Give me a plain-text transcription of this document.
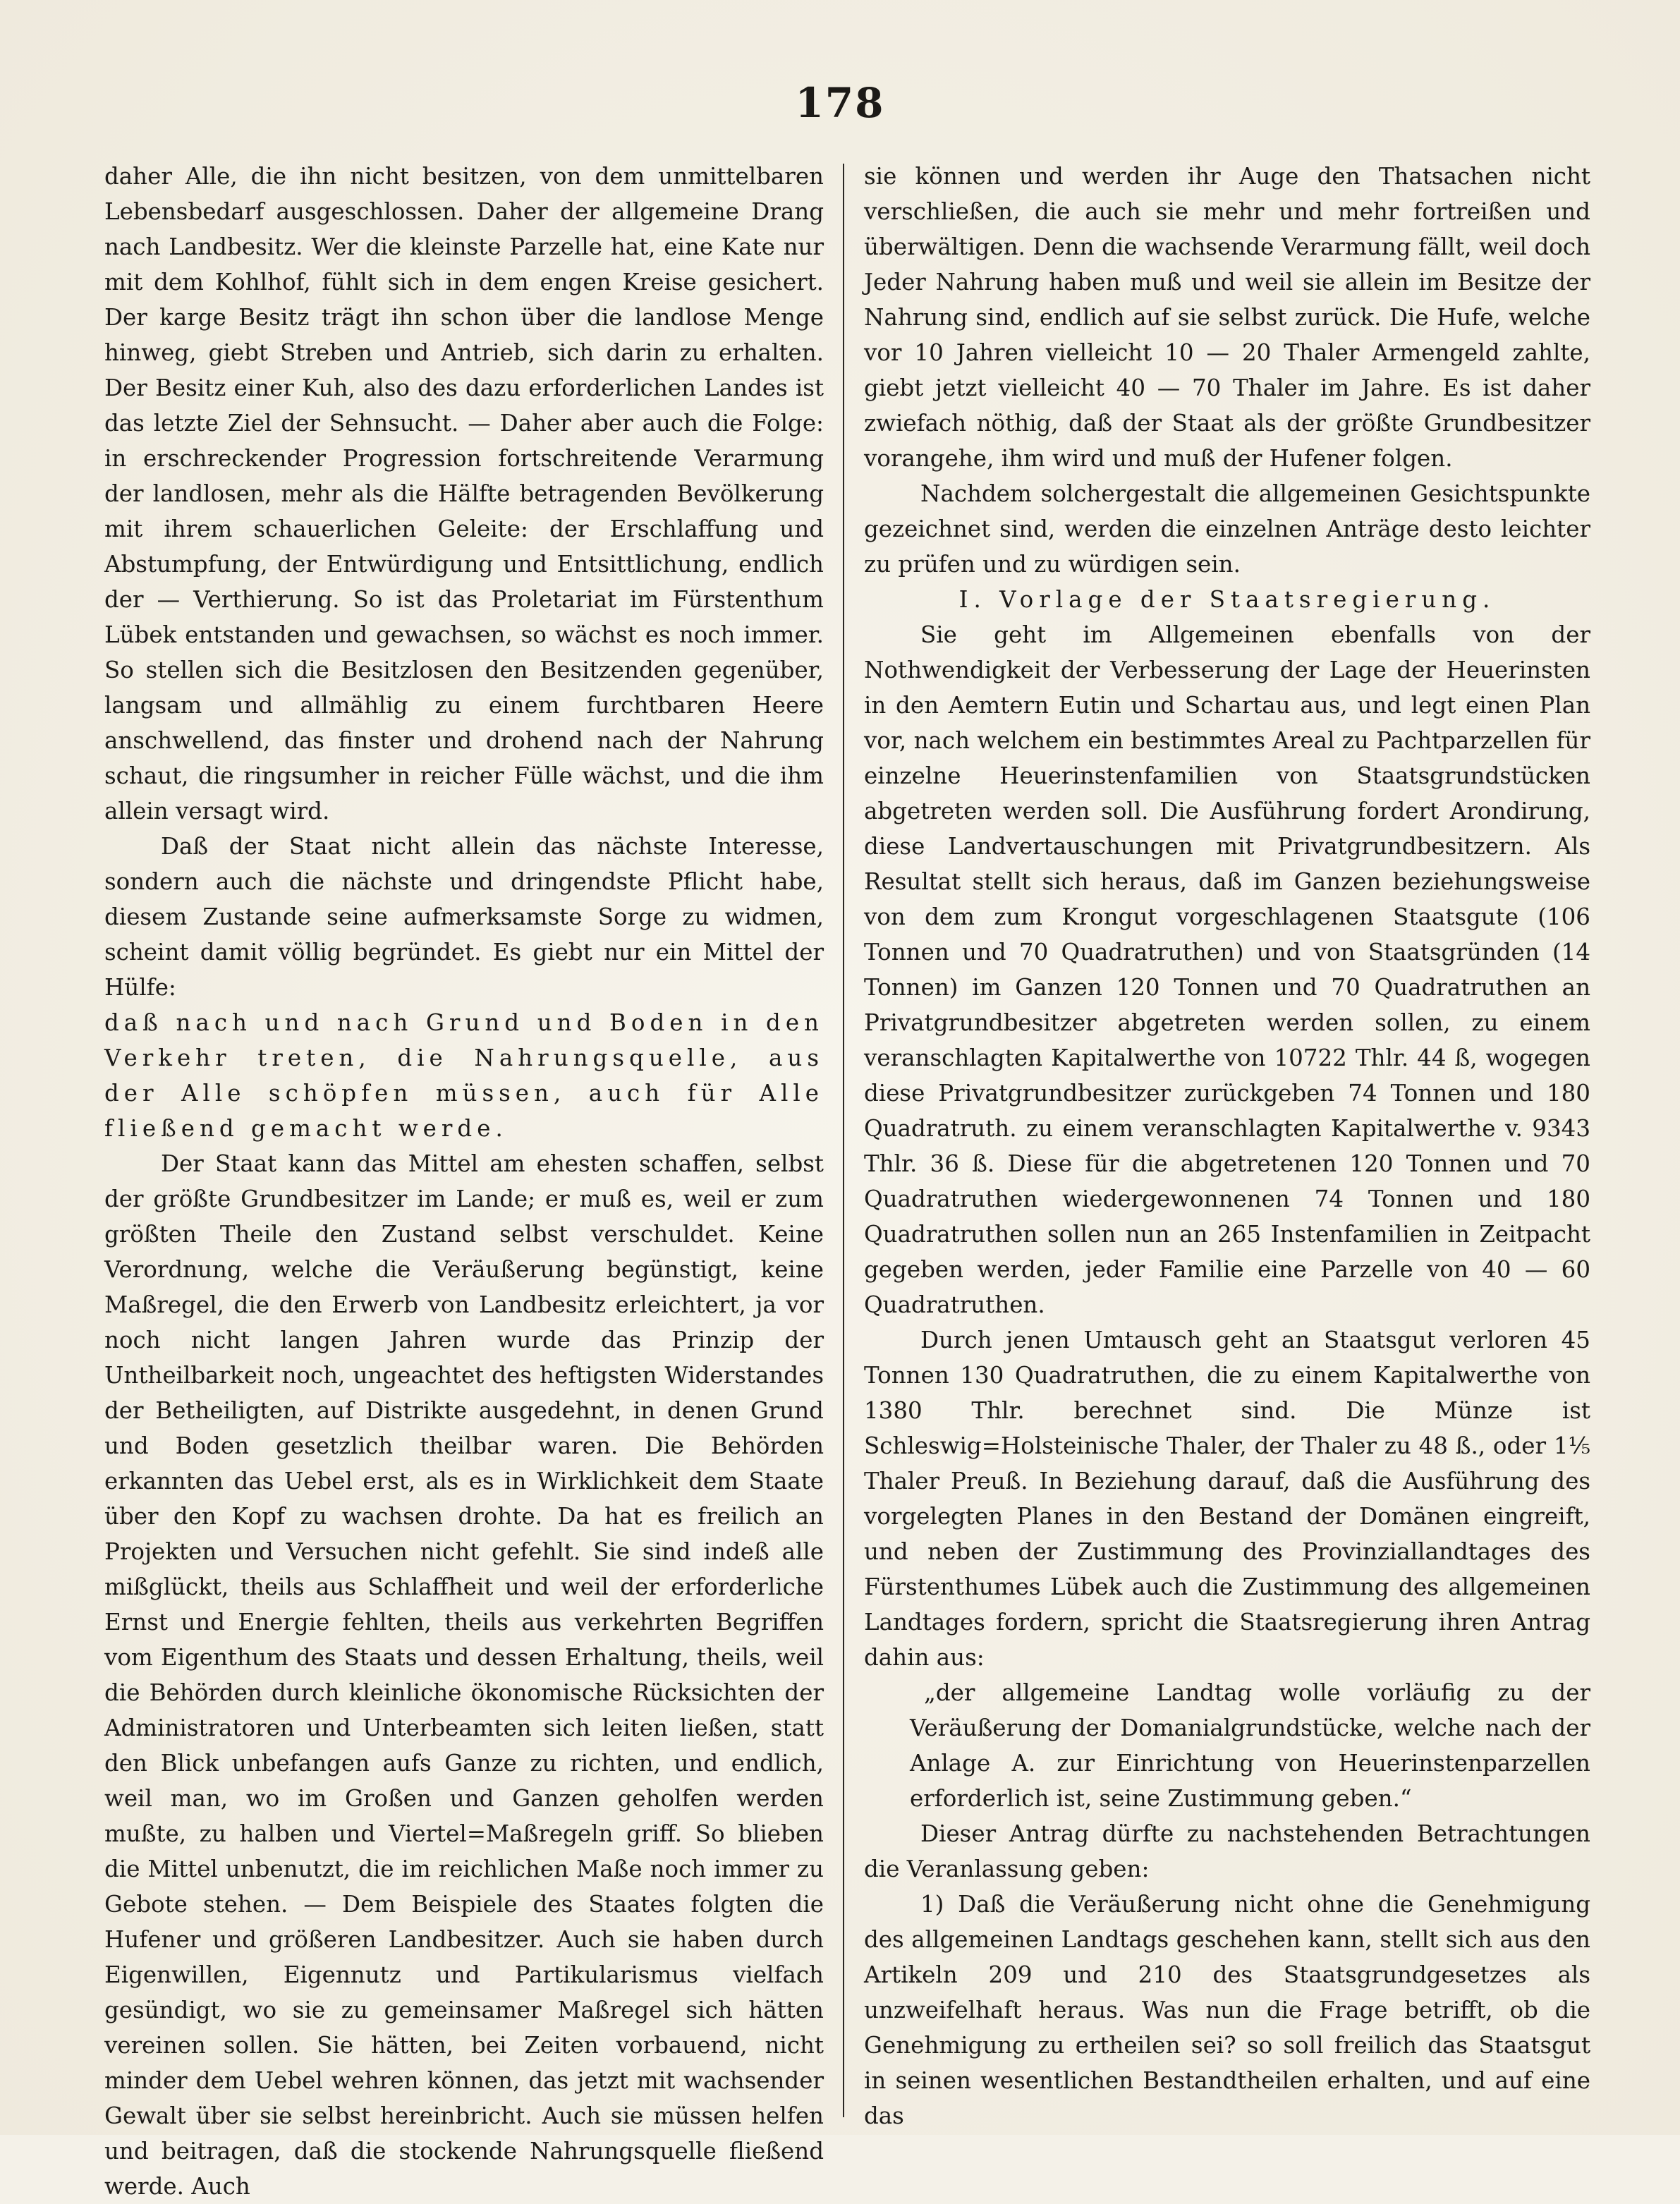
178

daher Alle, die ihn nicht besitzen, von dem unmittelbaren Lebensbedarf ausgeschlossen. Daher der allgemeine Drang nach Landbesitz. Wer die kleinste Parzelle hat, eine Kate nur mit dem Kohlhof, fühlt sich in dem engen Kreise gesichert. Der karge Besitz trägt ihn schon über die landlose Menge hinweg, giebt Streben und Antrieb, sich darin zu erhalten. Der Besitz einer Kuh, also des dazu erforderlichen Landes ist das letzte Ziel der Sehnsucht. — Daher aber auch die Folge: in erschreckender Progression fortschreitende Verarmung der landlosen, mehr als die Hälfte betragenden Bevölkerung mit ihrem schauerlichen Geleite: der Erschlaffung und Abstumpfung, der Entwürdigung und Entsittlichung, endlich der — Verthierung. So ist das Proletariat im Fürstenthum Lübek entstanden und gewachsen, so wächst es noch immer. So stellen sich die Besitzlosen den Besitzenden gegenüber, langsam und allmählig zu einem furchtbaren Heere anschwellend, das finster und drohend nach der Nahrung schaut, die ringsumher in reicher Fülle wächst, und die ihm allein versagt wird.

Daß der Staat nicht allein das nächste Interesse, sondern auch die nächste und dringendste Pflicht habe, diesem Zustande seine aufmerksamste Sorge zu widmen, scheint damit völlig begründet. Es giebt nur ein Mittel der Hülfe:

daß nach und nach Grund und Boden in den Verkehr treten, die Nahrungsquelle, aus der Alle schöpfen müssen, auch für Alle fließend gemacht werde.

Der Staat kann das Mittel am ehesten schaffen, selbst der größte Grundbesitzer im Lande; er muß es, weil er zum größten Theile den Zustand selbst verschuldet. Keine Verordnung, welche die Veräußerung begünstigt, keine Maßregel, die den Erwerb von Landbesitz erleichtert, ja vor noch nicht langen Jahren wurde das Prinzip der Untheilbarkeit noch, ungeachtet des heftigsten Widerstandes der Betheiligten, auf Distrikte ausgedehnt, in denen Grund und Boden gesetzlich theilbar waren. Die Behörden erkannten das Uebel erst, als es in Wirklichkeit dem Staate über den Kopf zu wachsen drohte. Da hat es freilich an Projekten und Versuchen nicht gefehlt. Sie sind indeß alle mißglückt, theils aus Schlaffheit und weil der erforderliche Ernst und Energie fehlten, theils aus verkehrten Begriffen vom Eigenthum des Staats und dessen Erhaltung, theils, weil die Behörden durch kleinliche ökonomische Rücksichten der Administratoren und Unterbeamten sich leiten ließen, statt den Blick unbefangen aufs Ganze zu richten, und endlich, weil man, wo im Großen und Ganzen geholfen werden mußte, zu halben und Viertel=Maßregeln griff. So blieben die Mittel unbenutzt, die im reichlichen Maße noch immer zu Gebote stehen. — Dem Beispiele des Staates folgten die Hufener und größeren Landbesitzer. Auch sie haben durch Eigenwillen, Eigennutz und Partikularismus vielfach gesündigt, wo sie zu gemeinsamer Maßregel sich hätten vereinen sollen. Sie hätten, bei Zeiten vorbauend, nicht minder dem Uebel wehren können, das jetzt mit wachsender Gewalt über sie selbst hereinbricht. Auch sie müssen helfen und beitragen, daß die stockende Nahrungsquelle fließend werde. Auch

sie können und werden ihr Auge den Thatsachen nicht verschließen, die auch sie mehr und mehr fortreißen und überwältigen. Denn die wachsende Verarmung fällt, weil doch Jeder Nahrung haben muß und weil sie allein im Besitze der Nahrung sind, endlich auf sie selbst zurück. Die Hufe, welche vor 10 Jahren vielleicht 10 — 20 Thaler Armengeld zahlte, giebt jetzt vielleicht 40 — 70 Thaler im Jahre. Es ist daher zwiefach nöthig, daß der Staat als der größte Grundbesitzer vorangehe, ihm wird und muß der Hufener folgen.

Nachdem solchergestalt die allgemeinen Gesichtspunkte gezeichnet sind, werden die einzelnen Anträge desto leichter zu prüfen und zu würdigen sein.

I. Vorlage der Staatsregierung.

Sie geht im Allgemeinen ebenfalls von der Nothwendigkeit der Verbesserung der Lage der Heuerinsten in den Aemtern Eutin und Schartau aus, und legt einen Plan vor, nach welchem ein bestimmtes Areal zu Pachtparzellen für einzelne Heuerinstenfamilien von Staatsgrundstücken abgetreten werden soll. Die Ausführung fordert Arondirung, diese Landvertauschungen mit Privatgrundbesitzern. Als Resultat stellt sich heraus, daß im Ganzen beziehungsweise von dem zum Krongut vorgeschlagenen Staatsgute (106 Tonnen und 70 Quadratruthen) und von Staatsgründen (14 Tonnen) im Ganzen 120 Tonnen und 70 Quadratruthen an Privatgrundbesitzer abgetreten werden sollen, zu einem veranschlagten Kapitalwerthe von 10722 Thlr. 44 ß, wogegen diese Privatgrundbesitzer zurückgeben 74 Tonnen und 180 Quadratruth. zu einem veranschlagten Kapitalwerthe v. 9343 Thlr. 36 ß. Diese für die abgetretenen 120 Tonnen und 70 Quadratruthen wiedergewonnenen 74 Tonnen und 180 Quadratruthen sollen nun an 265 Instenfamilien in Zeitpacht gegeben werden, jeder Familie eine Parzelle von 40 — 60 Quadratruthen.

Durch jenen Umtausch geht an Staatsgut verloren 45 Tonnen 130 Quadratruthen, die zu einem Kapitalwerthe von 1380 Thlr. berechnet sind. Die Münze ist Schleswig=Holsteinische Thaler, der Thaler zu 48 ß., oder 1⅕ Thaler Preuß. In Beziehung darauf, daß die Ausführung des vorgelegten Planes in den Bestand der Domänen eingreift, und neben der Zustimmung des Provinziallandtages des Fürstenthumes Lübek auch die Zustimmung des allgemeinen Landtages fordern, spricht die Staatsregierung ihren Antrag dahin aus:

„der allgemeine Landtag wolle vorläufig zu der Veräußerung der Domanialgrundstücke, welche nach der Anlage A. zur Einrichtung von Heuerinstenparzellen erforderlich ist, seine Zustimmung geben.“

Dieser Antrag dürfte zu nachstehenden Betrachtungen die Veranlassung geben:

1) Daß die Veräußerung nicht ohne die Genehmigung des allgemeinen Landtags geschehen kann, stellt sich aus den Artikeln 209 und 210 des Staatsgrundgesetzes als unzweifelhaft heraus. Was nun die Frage betrifft, ob die Genehmigung zu ertheilen sei? so soll freilich das Staatsgut in seinen wesentlichen Bestandtheilen erhalten, und auf eine das
